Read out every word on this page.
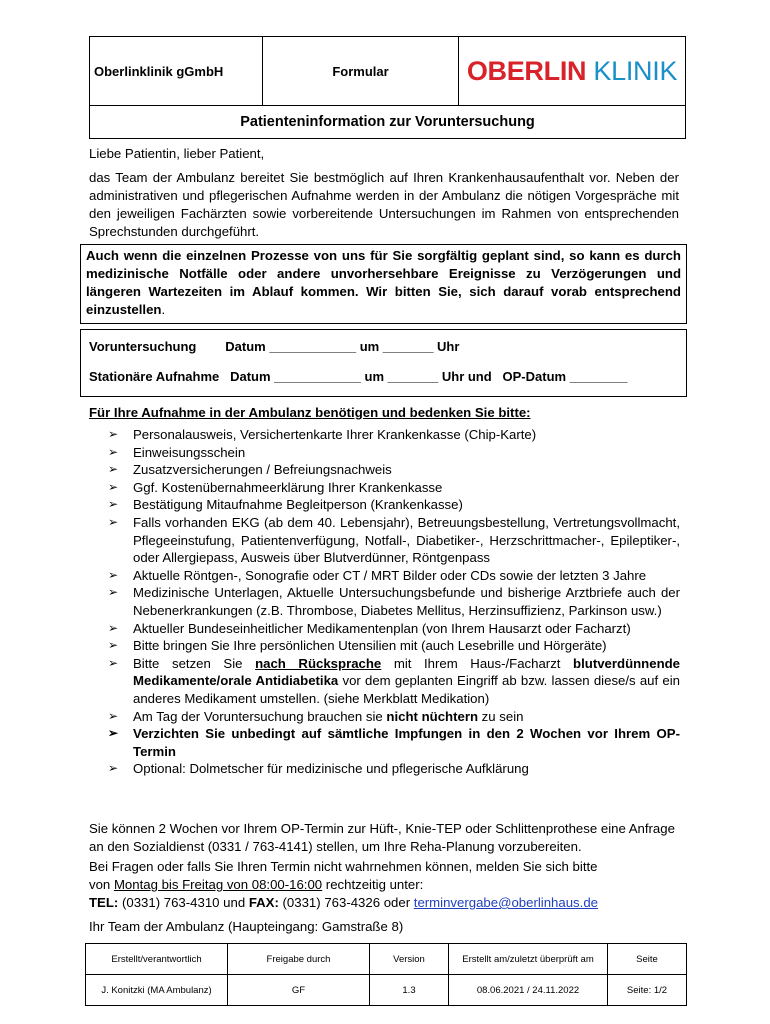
Oberlinklinik gGmbH	Formular	OBERLIN KLINIK
Patienteninformation zur Voruntersuchung
Liebe Patientin, lieber Patient,
das Team der Ambulanz bereitet Sie bestmöglich auf Ihren Krankenhausaufenthalt vor. Neben der administrativen und pflegerischen Aufnahme werden in der Ambulanz die nötigen Vorgespräche mit den jeweiligen Fachärzten sowie vorbereitende Untersuchungen im Rahmen von entsprechenden Sprechstunden durchgeführt.
Auch wenn die einzelnen Prozesse von uns für Sie sorgfältig geplant sind, so kann es durch medizinische Notfälle oder andere unvorhersehbare Ereignisse zu Verzögerungen und längeren Wartezeiten im Ablauf kommen. Wir bitten Sie, sich darauf vorab entsprechend einzustellen.
Voruntersuchung        Datum ____________ um _______ Uhr
Stationäre Aufnahme   Datum ____________ um _______ Uhr und   OP-Datum ________
Für Ihre Aufnahme in der Ambulanz benötigen und bedenken Sie bitte:
➢ Personalausweis, Versichertenkarte Ihrer Krankenkasse (Chip-Karte)
➢ Einweisungsschein
➢ Zusatzversicherungen / Befreiungsnachweis
➢ Ggf. Kostenübernahmeerklärung Ihrer Krankenkasse
➢ Bestätigung Mitaufnahme Begleitperson (Krankenkasse)
➢ Falls vorhanden EKG (ab dem 40. Lebensjahr), Betreuungsbestellung, Vertretungsvollmacht, Pflegeeinstufung, Patientenverfügung, Notfall-, Diabetiker-, Herzschrittmacher-, Epileptiker-, oder Allergiepass, Ausweis über Blutverdünner, Röntgenpass
➢ Aktuelle Röntgen-, Sonografie oder CT / MRT Bilder oder CDs sowie der letzten 3 Jahre
➢ Medizinische Unterlagen, Aktuelle Untersuchungsbefunde und bisherige Arztbriefe auch der Nebenerkrankungen (z.B. Thrombose, Diabetes Mellitus, Herzinsuffizienz, Parkinson usw.)
➢ Aktueller Bundeseinheitlicher Medikamentenplan (von Ihrem Hausarzt oder Facharzt)
➢ Bitte bringen Sie Ihre persönlichen Utensilien mit (auch Lesebrille und Hörgeräte)
➢ Bitte setzen Sie nach Rücksprache mit Ihrem Haus-/Facharzt blutverdünnende Medikamente/orale Antidiabetika vor dem geplanten Eingriff ab bzw. lassen diese/s auf ein anderes Medikament umstellen. (siehe Merkblatt Medikation)
➢ Am Tag der Voruntersuchung brauchen sie nicht nüchtern zu sein
➢ Verzichten Sie unbedingt auf sämtliche Impfungen in den 2 Wochen vor Ihrem OP-Termin
➢ Optional: Dolmetscher für medizinische und pflegerische Aufklärung
Sie können 2 Wochen vor Ihrem OP-Termin zur Hüft-, Knie-TEP oder Schlittenprothese eine Anfrage an den Sozialdienst (0331 / 763-4141) stellen, um Ihre Reha-Planung vorzubereiten.
Bei Fragen oder falls Sie Ihren Termin nicht wahrnehmen können, melden Sie sich bitte
von Montag bis Freitag von 08:00-16:00 rechtzeitig unter:
TEL: (0331) 763-4310 und FAX: (0331) 763-4326 oder terminvergabe@oberlinhaus.de
Ihr Team der Ambulanz (Haupteingang: Gamstraße 8)
Erstellt/verantwortlich	Freigabe durch	Version	Erstellt am/zuletzt überprüft am	Seite
J. Konitzki (MA Ambulanz)	GF	1.3	08.06.2021 / 24.11.2022	Seite: 1/2
